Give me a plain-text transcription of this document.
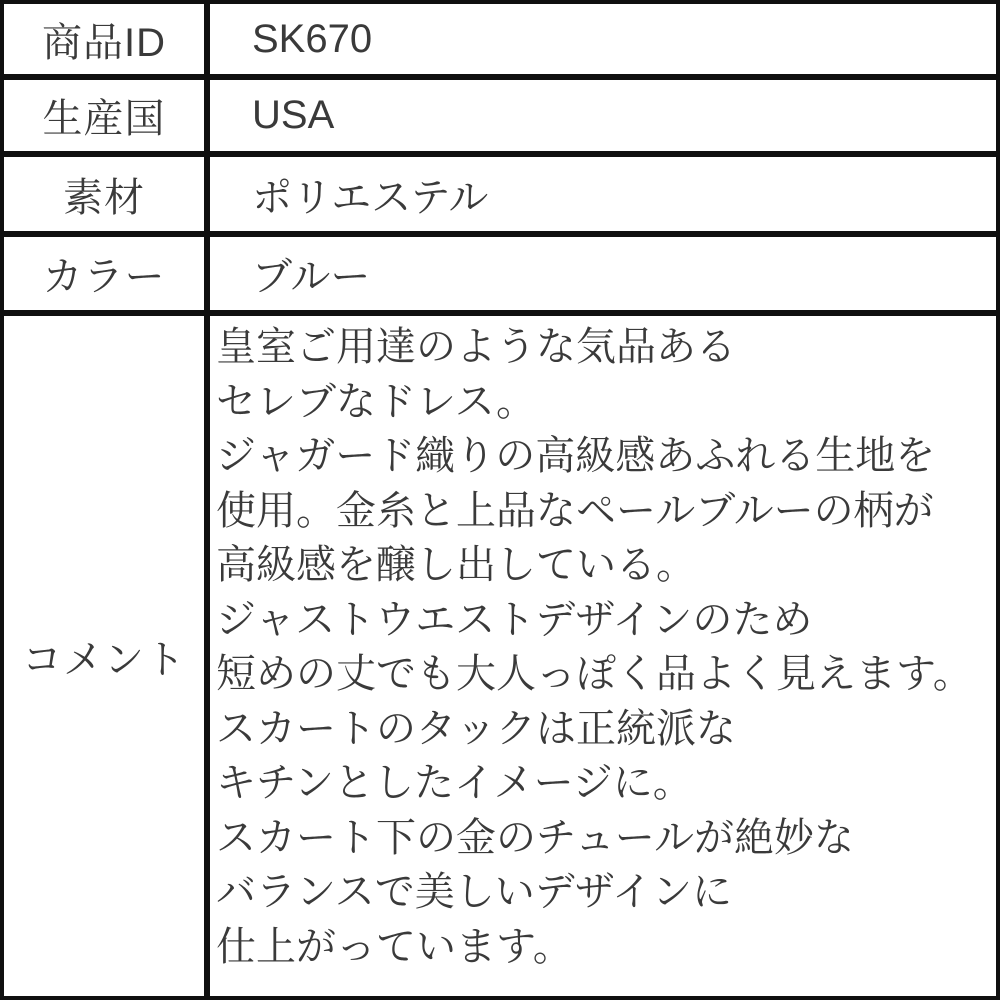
商品ID SK670
生産国 USA
素材	ポリエステル
カラー ブルー
コメント
皇室ご用達のような気品ある
セレブなドレス。
ジャガード織りの高級感あふれる生地を
使用。金糸と上品なペールブルーの柄が
高級感を醸し出している。
ジャストウエストデザインのため
短めの丈でも大人っぽく品よく見えます。
スカートのタックは正統派な
キチンとしたイメージに。
スカート下の金のチュールが絶妙な
バランスで美しいデザインに
仕上がっています。
